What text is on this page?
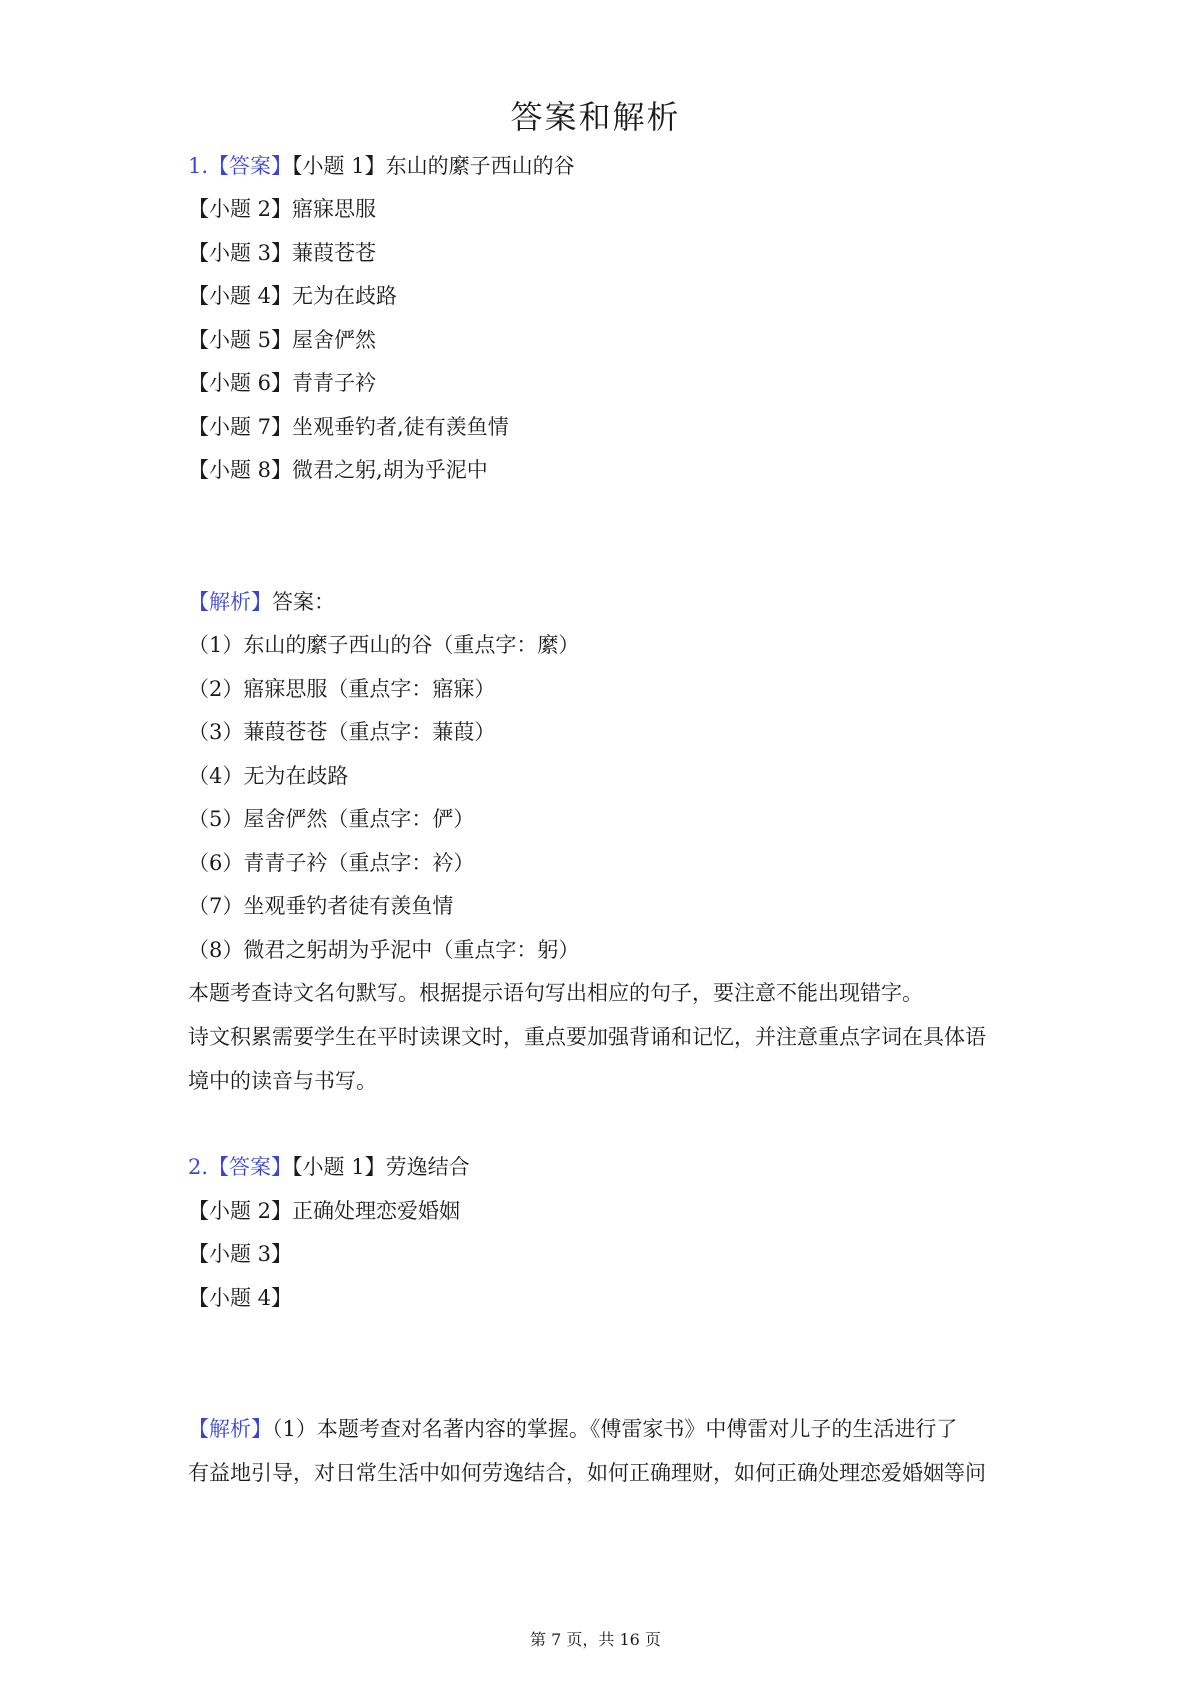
答案和解析
1.【答案】【小题 1】东山的縻子西山的谷
【小题 2】寤寐思服
【小题 3】蒹葭苍苍
【小题 4】无为在歧路
【小题 5】屋舍俨然
【小题 6】青青子衿
【小题 7】坐观垂钓者,徒有羡鱼情
【小题 8】微君之躬,胡为乎泥中
【解析】答案：
（1）东山的縻子西山的谷（重点字：縻）
（2）寤寐思服（重点字：寤寐）
（3）蒹葭苍苍（重点字：蒹葭）
（4）无为在歧路
（5）屋舍俨然（重点字：俨）
（6）青青子衿（重点字：衿）
（7）坐观垂钓者徒有羡鱼情
（8）微君之躬胡为乎泥中（重点字：躬）
本题考查诗文名句默写。根据提示语句写出相应的句子，要注意不能出现错字。
诗文积累需要学生在平时读课文时，重点要加强背诵和记忆，并注意重点字词在具体语
境中的读音与书写。
2.【答案】【小题 1】劳逸结合
【小题 2】正确处理恋爱婚姻
【小题 3】
【小题 4】
【解析】（1）本题考查对名著内容的掌握。《傅雷家书》中傅雷对儿子的生活进行了
有益地引导，对日常生活中如何劳逸结合，如何正确理财，如何正确处理恋爱婚姻等问
第 7 页，共 16 页
